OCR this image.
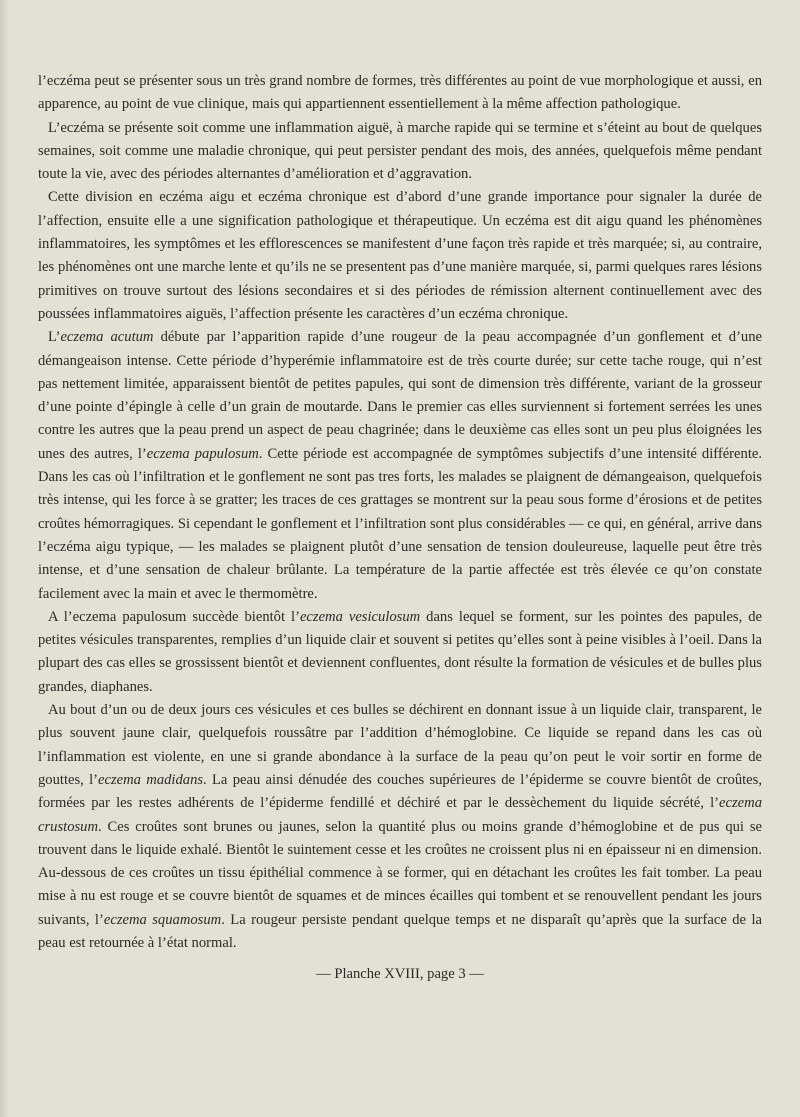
l’eczéma peut se présenter sous un très grand nombre de formes, très différentes au point de vue morphologique et aussi, en apparence, au point de vue clinique, mais qui appartiennent essentiellement à la même affection pathologique.

L’eczéma se présente soit comme une inflammation aiguë, à marche rapide qui se termine et s’éteint au bout de quelques semaines, soit comme une maladie chronique, qui peut persister pendant des mois, des années, quelquefois même pendant toute la vie, avec des périodes alternantes d’amélioration et d’aggravation.

Cette division en eczéma aigu et eczéma chronique est d’abord d’une grande importance pour signaler la durée de l’affection, ensuite elle a une signification pathologique et thérapeutique. Un eczéma est dit aigu quand les phénomènes inflammatoires, les symptômes et les efflorescences se manifestent d’une façon très rapide et très marquée; si, au contraire, les phénomènes ont une marche lente et qu’ils ne se presentent pas d’une manière marquée, si, parmi quelques rares lésions primitives on trouve surtout des lésions secondaires et si des périodes de rémission alternent continuellement avec des poussées inflammatoires aiguës, l’affection présente les caractères d’un eczéma chronique.

L’eczema acutum débute par l’apparition rapide d’une rougeur de la peau accompagnée d’un gonflement et d’une démangeaison intense. Cette période d’hyperémie inflammatoire est de très courte durée; sur cette tache rouge, qui n’est pas nettement limitée, apparaissent bientôt de petites papules, qui sont de dimension très différente, variant de la grosseur d’une pointe d’épingle à celle d’un grain de moutarde. Dans le premier cas elles surviennent si fortement serrées les unes contre les autres que la peau prend un aspect de peau chagrinée; dans le deuxième cas elles sont un peu plus éloignées les unes des autres, l’eczema papulosum. Cette période est accompagnée de symptômes subjectifs d’une intensité différente. Dans les cas où l’infiltration et le gonflement ne sont pas tres forts, les malades se plaignent de démangeaison, quelquefois très intense, qui les force à se gratter; les traces de ces grattages se montrent sur la peau sous forme d’érosions et de petites croûtes hémorragiques. Si cependant le gonflement et l’infiltration sont plus considérables — ce qui, en général, arrive dans l’eczéma aigu typique, — les malades se plaignent plutôt d’une sensation de tension douleureuse, laquelle peut être très intense, et d’une sensation de chaleur brûlante. La température de la partie affectée est très élevée ce qu’on constate facilement avec la main et avec le thermomètre.

A l’eczema papulosum succède bientôt l’eczema vesiculosum dans lequel se forment, sur les pointes des papules, de petites vésicules transparentes, remplies d’un liquide clair et souvent si petites qu’elles sont à peine visibles à l’oeil. Dans la plupart des cas elles se grossissent bientôt et deviennent confluentes, dont résulte la formation de vésicules et de bulles plus grandes, diaphanes.

Au bout d’un ou de deux jours ces vésicules et ces bulles se déchirent en donnant issue à un liquide clair, transparent, le plus souvent jaune clair, quelquefois roussâtre par l’addition d’hémoglobine. Ce liquide se repand dans les cas où l’inflammation est violente, en une si grande abondance à la surface de la peau qu’on peut le voir sortir en forme de gouttes, l’eczema madidans. La peau ainsi dénudée des couches supérieures de l’épiderme se couvre bientôt de croûtes, formées par les restes adhérents de l’épiderme fendillé et déchiré et par le dessèchement du liquide sécrété, l’eczema crustosum. Ces croûtes sont brunes ou jaunes, selon la quantité plus ou moins grande d’hémoglobine et de pus qui se trouvent dans le liquide exhalé. Bientôt le suintement cesse et les croûtes ne croissent plus ni en épaisseur ni en dimension. Au-dessous de ces croûtes un tissu épithélial commence à se former, qui en détachant les croûtes les fait tomber. La peau mise à nu est rouge et se couvre bientôt de squames et de minces écailles qui tombent et se renouvellent pendant les jours suivants, l’eczema squamosum. La rougeur persiste pendant quelque temps et ne disparaît qu’après que la surface de la peau est retournée à l’état normal.

— Planche XVIII, page 3 —
